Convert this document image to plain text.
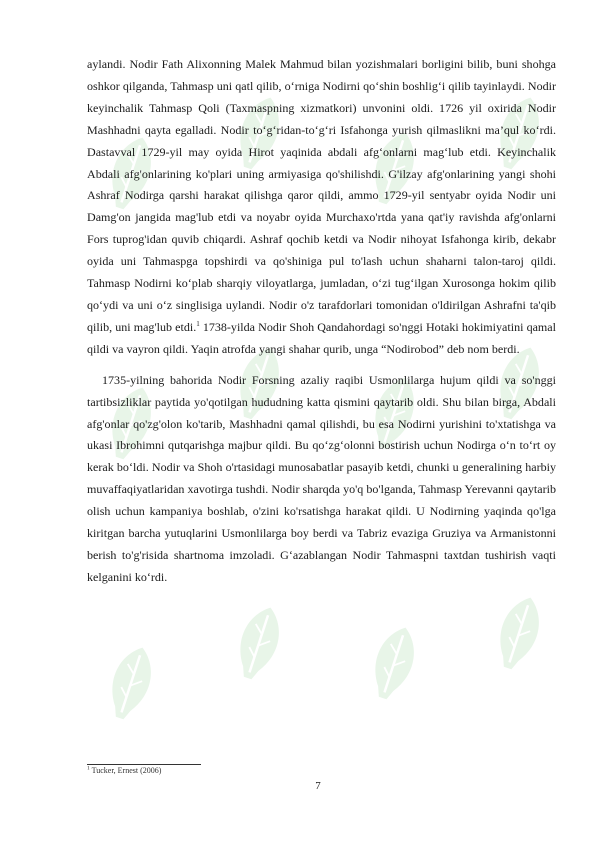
aylandi. Nodir Fath Alixonning Malek Mahmud bilan yozishmalari borligini bilib, buni shohga oshkor qilganda, Tahmasp uni qatl qilib, o‘rniga Nodirni qo‘shin boshlig‘i qilib tayinlaydi. Nodir keyinchalik Tahmasp Qoli (Taxmaspning xizmatkori) unvonini oldi. 1726 yil oxirida Nodir Mashhadni qayta egalladi. Nodir to‘g‘ridan-to‘g‘ri Isfahonga yurish qilmaslikni ma’qul ko‘rdi. Dastavval 1729-yil may oyida Hirot yaqinida abdali afg‘onlarni mag‘lub etdi. Keyinchalik Abdali afg'onlarining ko'plari uning armiyasiga qo'shilishdi. G'ilzay afg'onlarining yangi shohi Ashraf Nodirga qarshi harakat qilishga qaror qildi, ammo 1729-yil sentyabr oyida Nodir uni Damg'on jangida mag'lub etdi va noyabr oyida Murchaxo'rtda yana qat'iy ravishda afg'onlarni Fors tuprog'idan quvib chiqardi. Ashraf qochib ketdi va Nodir nihoyat Isfahonga kirib, dekabr oyida uni Tahmaspga topshirdi va qo'shiniga pul to'lash uchun shaharni talon-taroj qildi. Tahmasp Nodirni ko‘plab sharqiy viloyatlarga, jumladan, o‘zi tug‘ilgan Xurosonga hokim qilib qo‘ydi va uni o‘z singlisiga uylandi. Nodir o'z tarafdorlari tomonidan o'ldirilgan Ashrafni ta'qib qilib, uni mag'lub etdi.$^1$ 1738-yilda Nodir Shoh Qandahordagi so'nggi Hotaki hokimiyatini qamal qildi va vayron qildi. Yaqin atrofda yangi shahar qurib, unga “Nodirobod” deb nom berdi.

1735-yilning bahorida Nodir Forsning azaliy raqibi Usmonlilarga hujum qildi va so'nggi tartibsizliklar paytida yo'qotilgan hududning katta qismini qaytarib oldi. Shu bilan birga, Abdali afg'onlar qo'zg'olon ko'tarib, Mashhadni qamal qilishdi, bu esa Nodirni yurishini to'xtatishga va ukasi Ibrohimni qutqarishga majbur qildi. Bu qo‘zg‘olonni bostirish uchun Nodirga o‘n to‘rt oy kerak bo‘ldi. Nodir va Shoh o'rtasidagi munosabatlar pasayib ketdi, chunki u generalining harbiy muvaffaqiyatlaridan xavotirga tushdi. Nodir sharqda yo'q bo'lganda, Tahmasp Yerevanni qaytarib olish uchun kampaniya boshlab, o'zini ko'rsatishga harakat qildi. U Nodirning yaqinda qo'lga kiritgan barcha yutuqlarini Usmonlilarga boy berdi va Tabriz evaziga Gruziya va Armanistonni berish to'g'risida shartnoma imzoladi. G‘azablangan Nodir Tahmaspni taxtdan tushirish vaqti kelganini ko‘rdi.

$^1$ Tucker, Ernest (2006)
7
